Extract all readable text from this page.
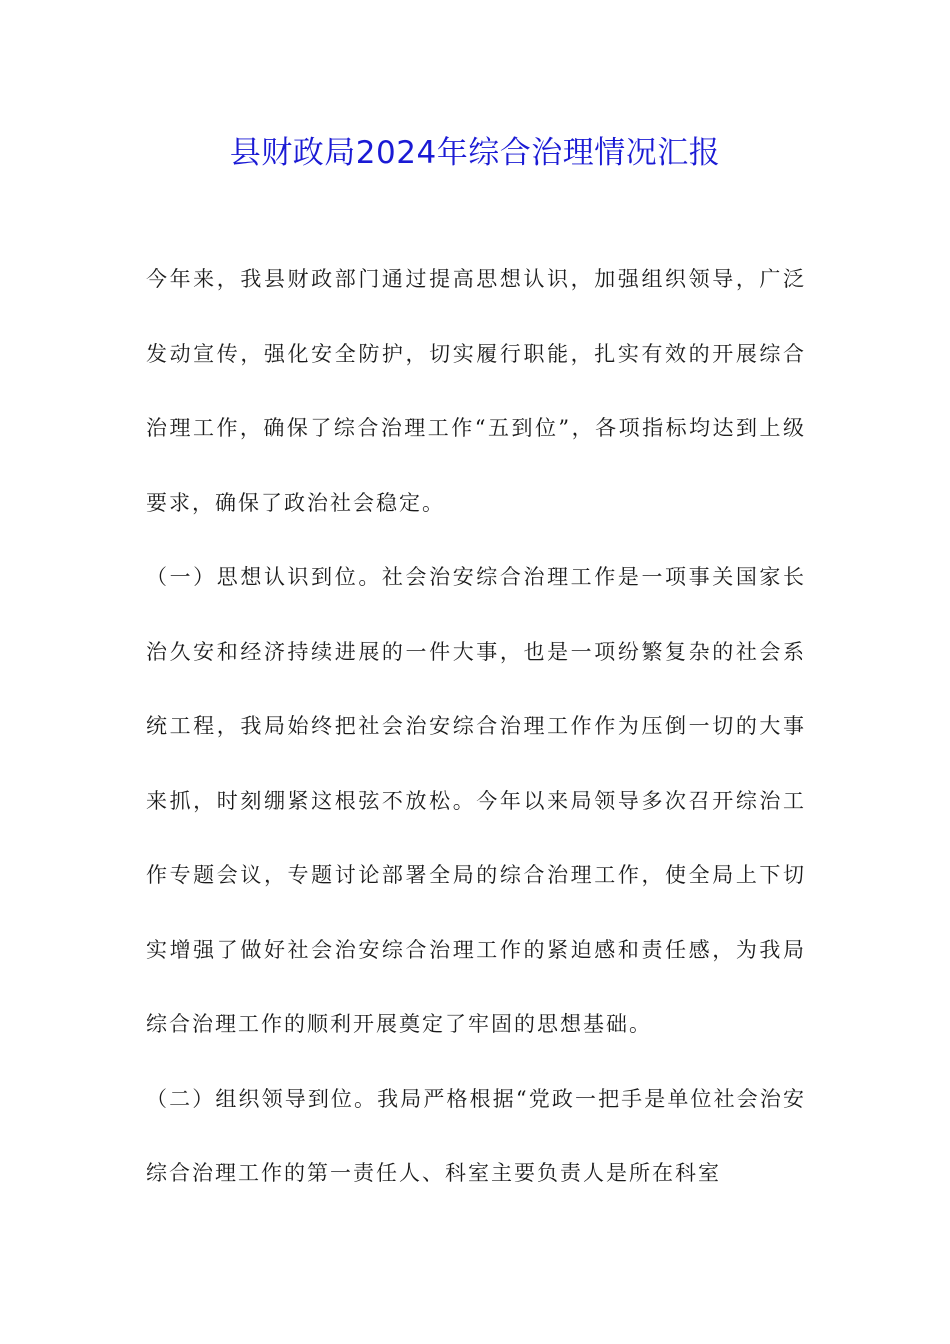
县财政局2024年综合治理情况汇报

今年来，我县财政部门通过提高思想认识，加强组织领导，广泛发动宣传，强化安全防护，切实履行职能，扎实有效的开展综合治理工作，确保了综合治理工作“五到位”，各项指标均达到上级要求，确保了政治社会稳定。

（一）思想认识到位。社会治安综合治理工作是一项事关国家长治久安和经济持续进展的一件大事，也是一项纷繁复杂的社会系统工程，我局始终把社会治安综合治理工作作为压倒一切的大事来抓，时刻绷紧这根弦不放松。今年以来局领导多次召开综治工作专题会议，专题讨论部署全局的综合治理工作，使全局上下切实增强了做好社会治安综合治理工作的紧迫感和责任感，为我局综合治理工作的顺利开展奠定了牢固的思想基础。

（二）组织领导到位。我局严格根据“党政一把手是单位社会治安综合治理工作的第一责任人、科室主要负责人是所在科室
